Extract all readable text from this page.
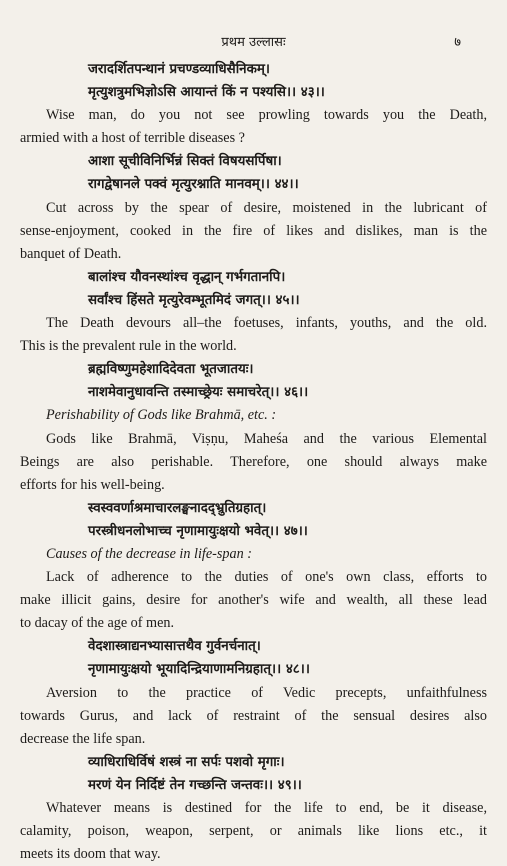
प्रथम उल्लासः	७
जरादर्शितपन्थानं प्रचण्डव्याधिसैनिकम्।
मृत्युशत्रुमभिज्ञोऽसि आयान्तं किं न पश्यसि।। ४३।।
Wise man, do you not see prowling towards you the Death,
armied with a host of terrible diseases ?
आशा सूचीविनिर्भिन्नं सिक्तं विषयसर्पिषा।
रागद्वेषानले पक्वं मृत्युरश्नाति मानवम्।। ४४।।
Cut across by the spear of desire, moistened in the lubricant of
sense-enjoyment, cooked in the fire of likes and dislikes, man is the
banquet of Death.
बालांश्च यौवनस्थांश्च वृद्धान् गर्भगतानपि।
सर्वांश्च हिंसते मृत्युरेवम्भूतमिदं जगत्।। ४५।।
The Death devours all–the foetuses, infants, youths, and the old.
This is the prevalent rule in the world.
ब्रह्मविष्णुमहेशादिदेवता भूतजातयः।
नाशमेवानुधावन्ति तस्माच्छ्रेयः समाचरेत्।। ४६।।
Perishability of Gods like Brahmā, etc. :
Gods like Brahmā, Viṣṇu, Maheśa and the various Elemental
Beings are also perishable. Therefore, one should always make
efforts for his well-being.
स्वस्ववर्णाश्रमाचारलङ्घनादद्भ्रुतिग्रहात्।
परस्त्रीधनलोभाच्च नृणामायुःक्षयो भवेत्।। ४७।।
Causes of the decrease in life-span :
Lack of adherence to the duties of one's own class, efforts to
make illicit gains, desire for another's wife and wealth, all these lead
to dacay of the age of men.
वेदशास्त्राद्यनभ्यासात्तथैव गुर्वनर्चनात्।
नृणामायुःक्षयो भूयादिन्द्रियाणामनिग्रहात्।। ४८।।
Aversion to the practice of Vedic precepts, unfaithfulness
towards Gurus, and lack of restraint of the sensual desires also
decrease the life span.
व्याधिराधिर्विषं शस्त्रं ना सर्पः पशवो मृगाः।
मरणं येन निर्दिष्टं तेन गच्छन्ति जन्तवः।। ४९।।
Whatever means is destined for the life to end, be it disease,
calamity, poison, weapon, serpent, or animals like lions etc., it
meets its doom that way.
